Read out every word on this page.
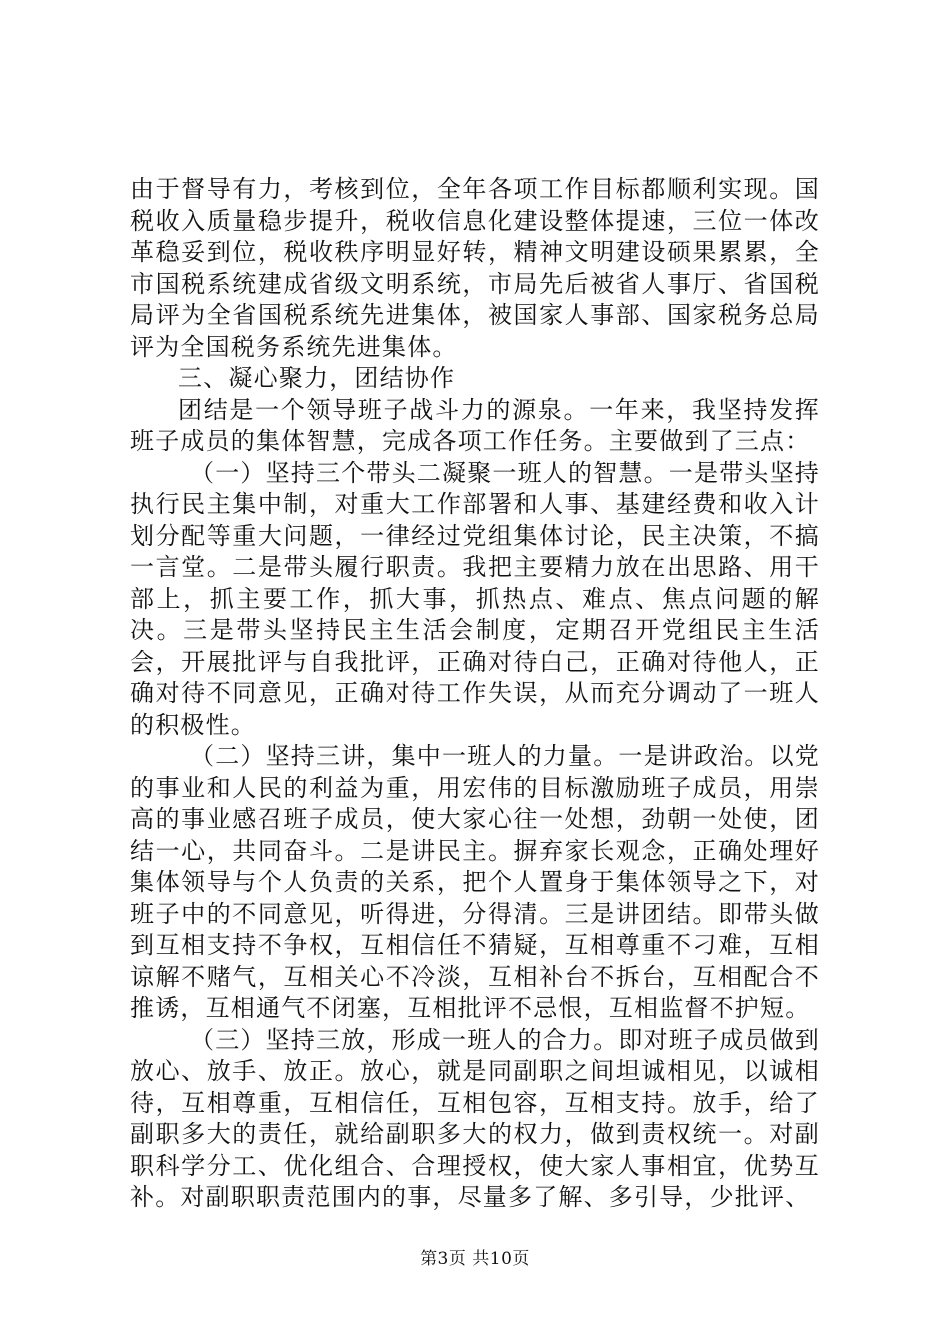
由于督导有力，考核到位，全年各项工作目标都顺利实现。国税收入质量稳步提升，税收信息化建设整体提速，三位一体改革稳妥到位，税收秩序明显好转，精神文明建设硕果累累，全市国税系统建成省级文明系统，市局先后被省人事厅、省国税局评为全省国税系统先进集体，被国家人事部、国家税务总局评为全国税务系统先进集体。

三、凝心聚力，团结协作

团结是一个领导班子战斗力的源泉。一年来，我坚持发挥班子成员的集体智慧，完成各项工作任务。主要做到了三点：

（一）坚持三个带头二凝聚一班人的智慧。一是带头坚持执行民主集中制，对重大工作部署和人事、基建经费和收入计划分配等重大问题，一律经过党组集体讨论，民主决策，不搞一言堂。二是带头履行职责。我把主要精力放在出思路、用干部上，抓主要工作，抓大事，抓热点、难点、焦点问题的解决。三是带头坚持民主生活会制度，定期召开党组民主生活会，开展批评与自我批评，正确对待白己，正确对待他人，正确对待不同意见，正确对待工作失误，从而充分调动了一班人的积极性。

（二）坚持三讲，集中一班人的力量。一是讲政治。以党的事业和人民的利益为重，用宏伟的目标激励班子成员，用崇高的事业感召班子成员，使大家心往一处想，劲朝一处使，团结一心，共同奋斗。二是讲民主。摒弃家长观念，正确处理好集体领导与个人负责的关系，把个人置身于集体领导之下，对班子中的不同意见，听得进，分得清。三是讲团结。即带头做到互相支持不争权，互相信任不猜疑，互相尊重不刁难，互相谅解不赌气，互相关心不冷淡，互相补台不拆台，互相配合不推诱，互相通气不闭塞，互相批评不忌恨，互相监督不护短。

（三）坚持三放，形成一班人的合力。即对班子成员做到放心、放手、放正。放心，就是同副职之间坦诚相见，以诚相待，互相尊重，互相信任，互相包容，互相支持。放手，给了副职多大的责任，就给副职多大的权力，做到责权统一。对副职科学分工、优化组合、合理授权，使大家人事相宜，优势互补。对副职职责范围内的事，尽量多了解、多引导，少批评、

第3页 共10页
